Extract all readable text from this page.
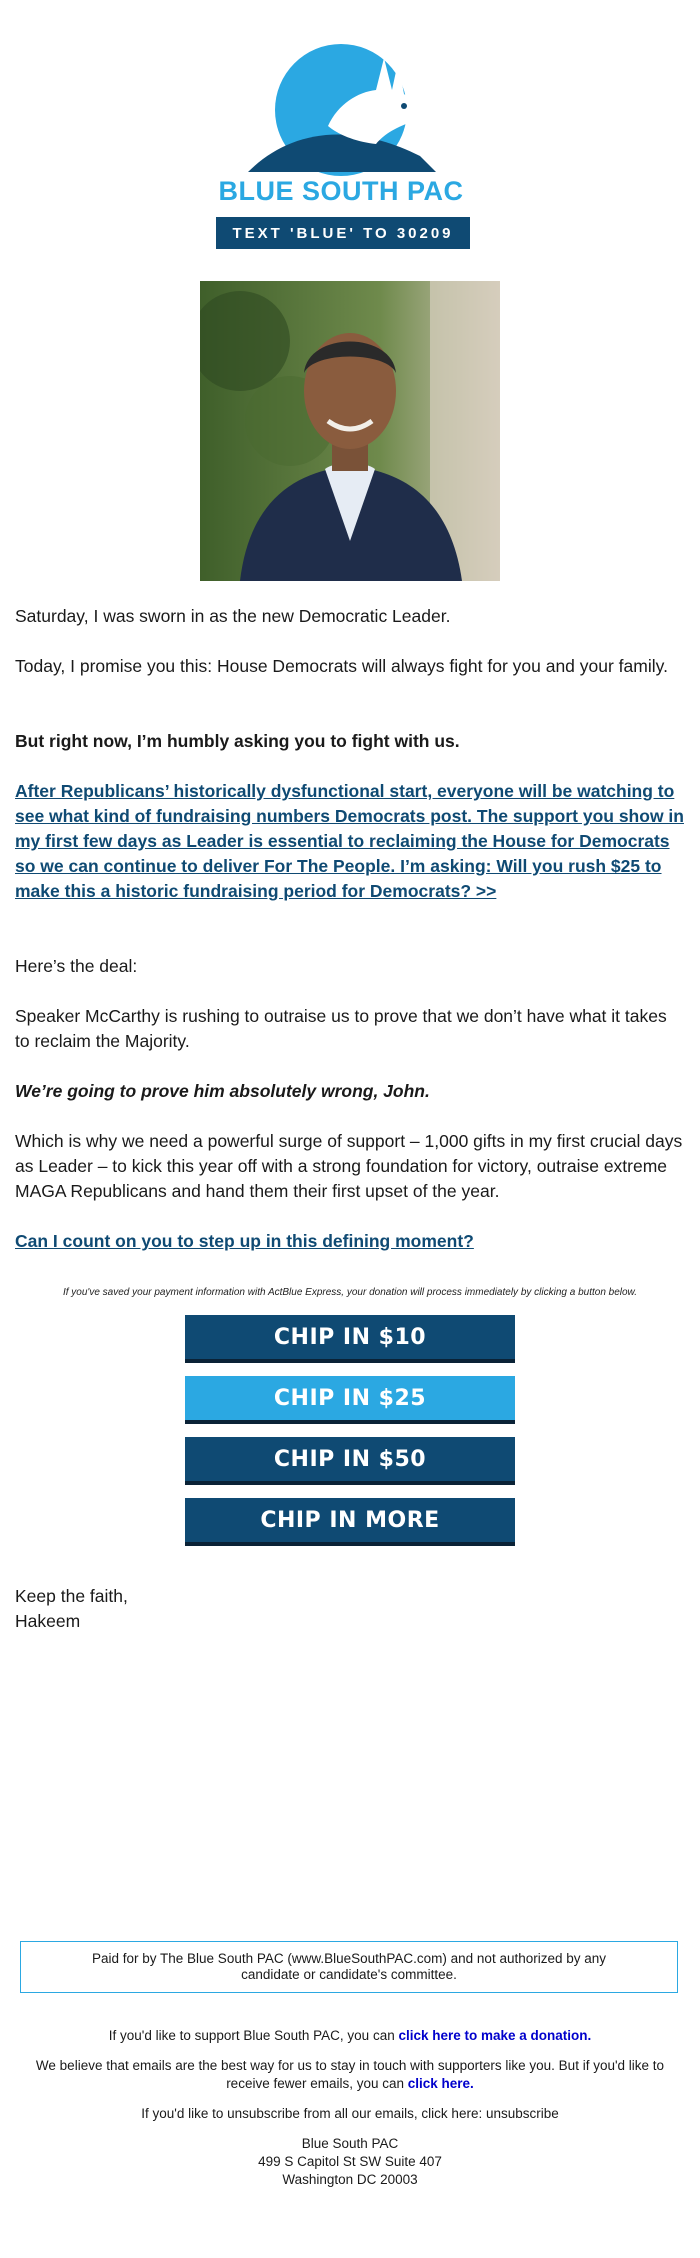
BLUE SOUTH PAC
TEXT 'BLUE' TO 30209

Saturday, I was sworn in as the new Democratic Leader.

Today, I promise you this: House Democrats will always fight for you and your family.

But right now, I’m humbly asking you to fight with us.

After Republicans’ historically dysfunctional start, everyone will be watching to see what kind of fundraising numbers Democrats post. The support you show in my first few days as Leader is essential to reclaiming the House for Democrats so we can continue to deliver For The People. I’m asking: Will you rush $25 to make this a historic fundraising period for Democrats? >>

Here’s the deal:

Speaker McCarthy is rushing to outraise us to prove that we don’t have what it takes to reclaim the Majority.

We’re going to prove him absolutely wrong, John.

Which is why we need a powerful surge of support – 1,000 gifts in my first crucial days as Leader – to kick this year off with a strong foundation for victory, outraise extreme MAGA Republicans and hand them their first upset of the year.

Can I count on you to step up in this defining moment?

If you've saved your payment information with ActBlue Express, your donation will process immediately by clicking a button below.
CHIP IN $10
CHIP IN $25
CHIP IN $50
CHIP IN MORE

Keep the faith,

Hakeem

Paid for by The Blue South PAC (www.BlueSouthPAC.com) and not authorized by any candidate or candidate's committee.
If you'd like to support Blue South PAC, you can click here to make a donation.
We believe that emails are the best way for us to stay in touch with supporters like you. But if you'd like to receive fewer emails, you can click here.
If you'd like to unsubscribe from all our emails, click here: unsubscribe
Blue South PAC
499 S Capitol St SW Suite 407
Washington DC 20003
